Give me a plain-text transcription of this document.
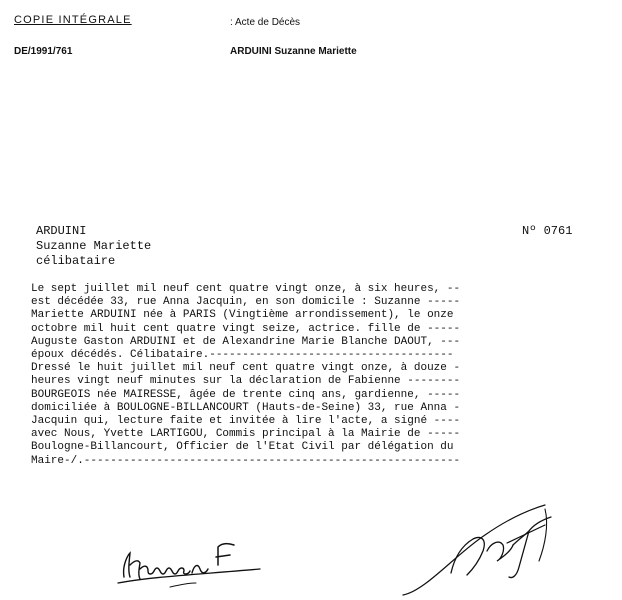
COPIE INTÉGRALE	: Acte de Décès
DE/1991/761	ARDUINI Suzanne Mariette
ARDUINI
Suzanne Mariette
célibataire
Nº 0761
Le sept juillet mil neuf cent quatre vingt onze, à six heures, --
est décédée 33, rue Anna Jacquin, en son domicile : Suzanne -----
Mariette ARDUINI née à PARIS (Vingtième arrondissement), le onze
octobre mil huit cent quatre vingt seize, actrice. fille de -----
Auguste Gaston ARDUINI et de Alexandrine Marie Blanche DAOUT, ---
époux décédés. Célibataire.-------------------------------------
Dressé le huit juillet mil neuf cent quatre vingt onze, à douze -
heures vingt neuf minutes sur la déclaration de Fabienne --------
BOURGEOIS née MAIRESSE, âgée de trente cinq ans, gardienne, -----
domiciliée à BOULOGNE-BILLANCOURT (Hauts-de-Seine) 33, rue Anna -
Jacquin qui, lecture faite et invitée à lire l'acte, a signé ----
avec Nous, Yvette LARTIGOU, Commis principal à la Mairie de -----
Boulogne-Billancourt, Officier de l'Etat Civil par délégation du
Maire-/.---------------------------------------------------------
